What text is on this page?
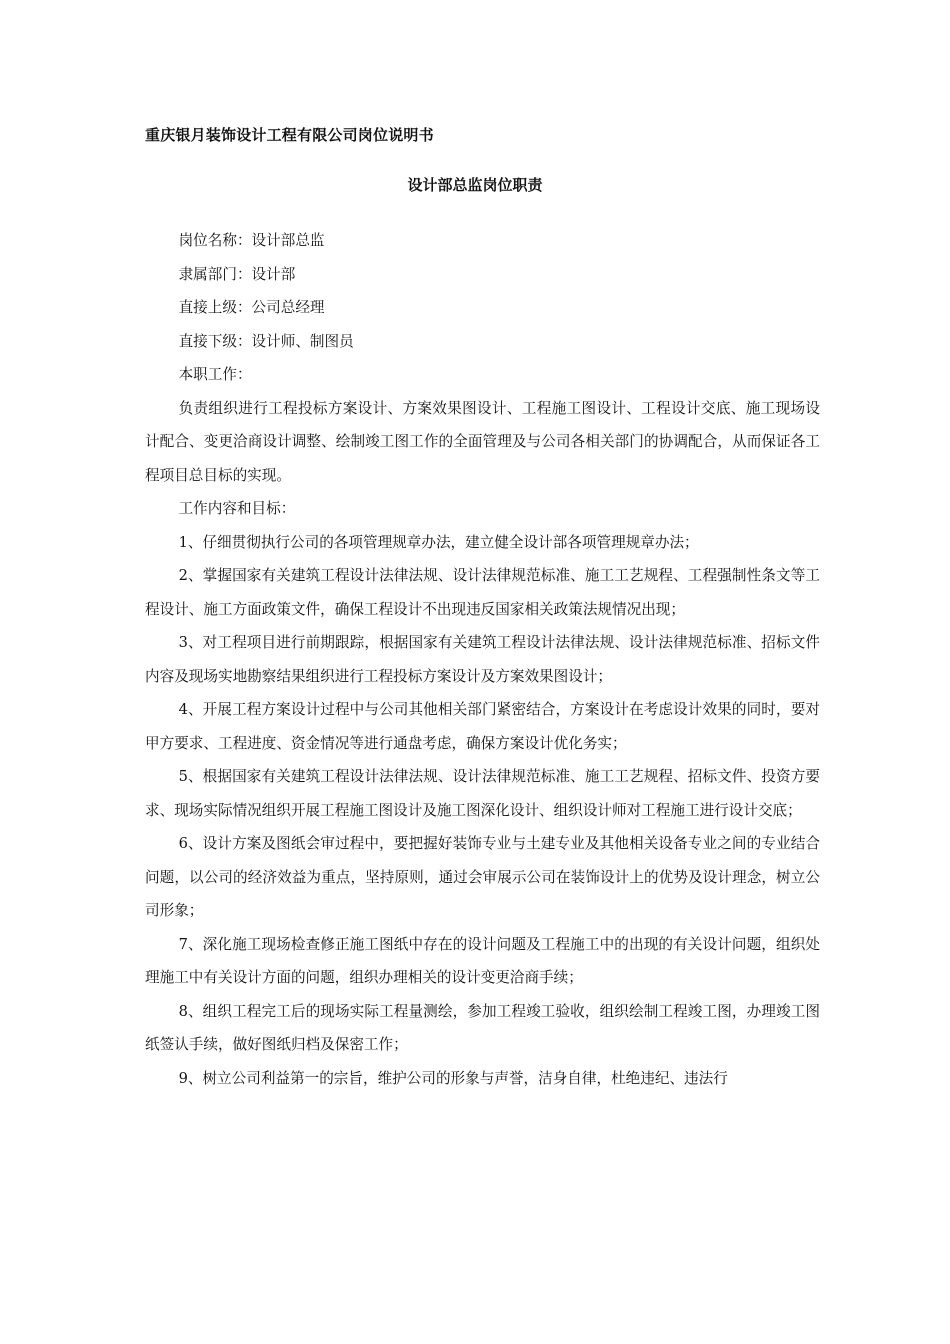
重庆银月装饰设计工程有限公司岗位说明书
设计部总监岗位职责

岗位名称：设计部总监

隶属部门：设计部

直接上级：公司总经理

直接下级：设计师、制图员

本职工作：

负责组织进行工程投标方案设计、方案效果图设计、工程施工图设计、工程设计交底、施工现场设计配合、变更洽商设计调整、绘制竣工图工作的全面管理及与公司各相关部门的协调配合，从而保证各工程项目总目标的实现。

工作内容和目标：

1、仔细贯彻执行公司的各项管理规章办法，建立健全设计部各项管理规章办法；

2、掌握国家有关建筑工程设计法律法规、设计法律规范标准、施工工艺规程、工程强制性条文等工程设计、施工方面政策文件，确保工程设计不出现违反国家相关政策法规情况出现；

3、对工程项目进行前期跟踪，根据国家有关建筑工程设计法律法规、设计法律规范标准、招标文件内容及现场实地勘察结果组织进行工程投标方案设计及方案效果图设计；

4、开展工程方案设计过程中与公司其他相关部门紧密结合，方案设计在考虑设计效果的同时，要对甲方要求、工程进度、资金情况等进行通盘考虑，确保方案设计优化务实；

5、根据国家有关建筑工程设计法律法规、设计法律规范标准、施工工艺规程、招标文件、投资方要求、现场实际情况组织开展工程施工图设计及施工图深化设计、组织设计师对工程施工进行设计交底；

6、设计方案及图纸会审过程中，要把握好装饰专业与土建专业及其他相关设备专业之间的专业结合问题，以公司的经济效益为重点，坚持原则，通过会审展示公司在装饰设计上的优势及设计理念，树立公司形象；

7、深化施工现场检查修正施工图纸中存在的设计问题及工程施工中的出现的有关设计问题，组织处理施工中有关设计方面的问题，组织办理相关的设计变更洽商手续；

8、组织工程完工后的现场实际工程量测绘，参加工程竣工验收，组织绘制工程竣工图，办理竣工图纸签认手续，做好图纸归档及保密工作；

9、树立公司利益第一的宗旨，维护公司的形象与声誉，洁身自律，杜绝违纪、违法行
